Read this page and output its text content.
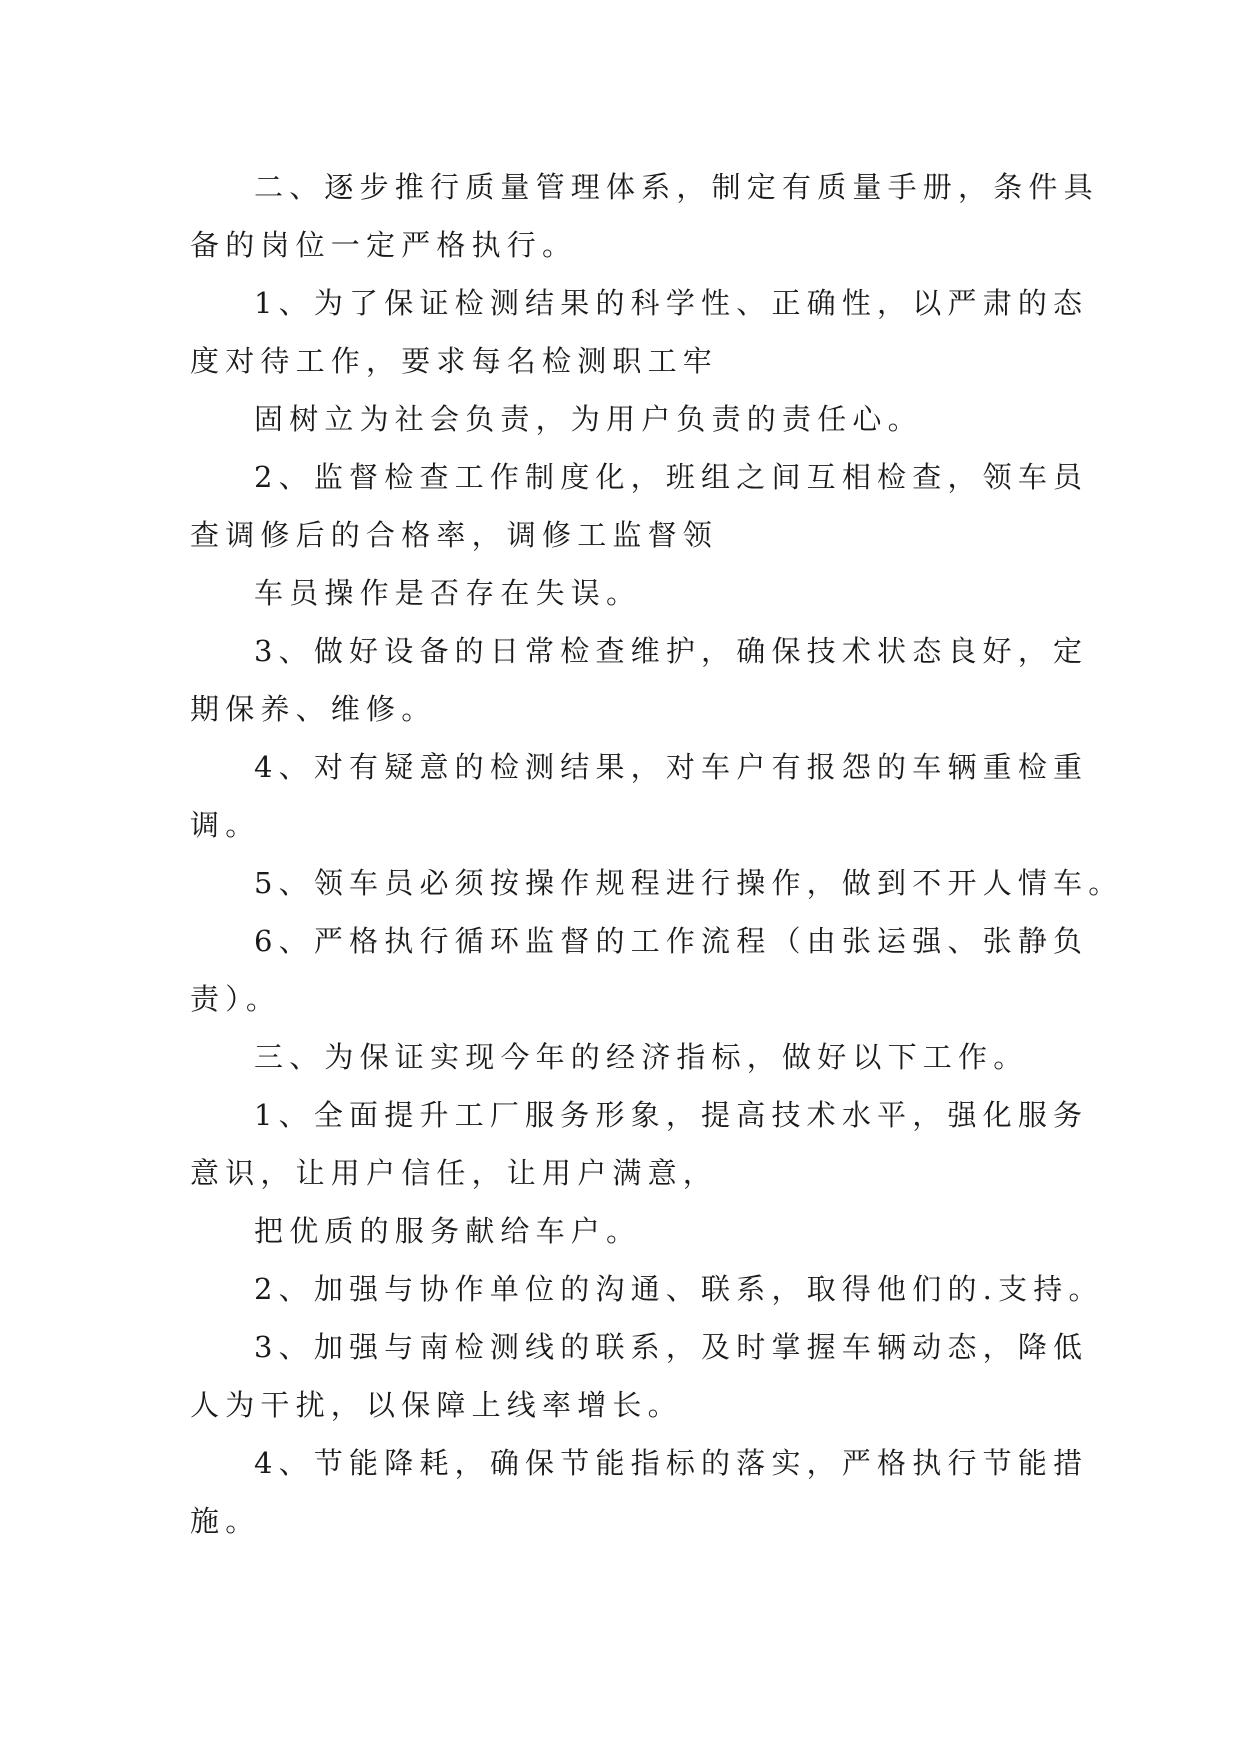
二、逐步推行质量管理体系，制定有质量手册，条件具

备的岗位一定严格执行。

1、为了保证检测结果的科学性、正确性，以严肃的态

度对待工作，要求每名检测职工牢

固树立为社会负责，为用户负责的责任心。

2、监督检查工作制度化，班组之间互相检查，领车员

查调修后的合格率，调修工监督领

车员操作是否存在失误。

3、做好设备的日常检查维护，确保技术状态良好，定

期保养、维修。

4、对有疑意的检测结果，对车户有报怨的车辆重检重

调。

5、领车员必须按操作规程进行操作，做到不开人情车。

6、严格执行循环监督的工作流程（由张运强、张静负

责）。

三、为保证实现今年的经济指标，做好以下工作。

1、全面提升工厂服务形象，提高技术水平，强化服务

意识，让用户信任，让用户满意，

把优质的服务献给车户。

2、加强与协作单位的沟通、联系，取得他们的.支持。

3、加强与南检测线的联系，及时掌握车辆动态，降低

人为干扰，以保障上线率增长。

4、节能降耗，确保节能指标的落实，严格执行节能措

施。
